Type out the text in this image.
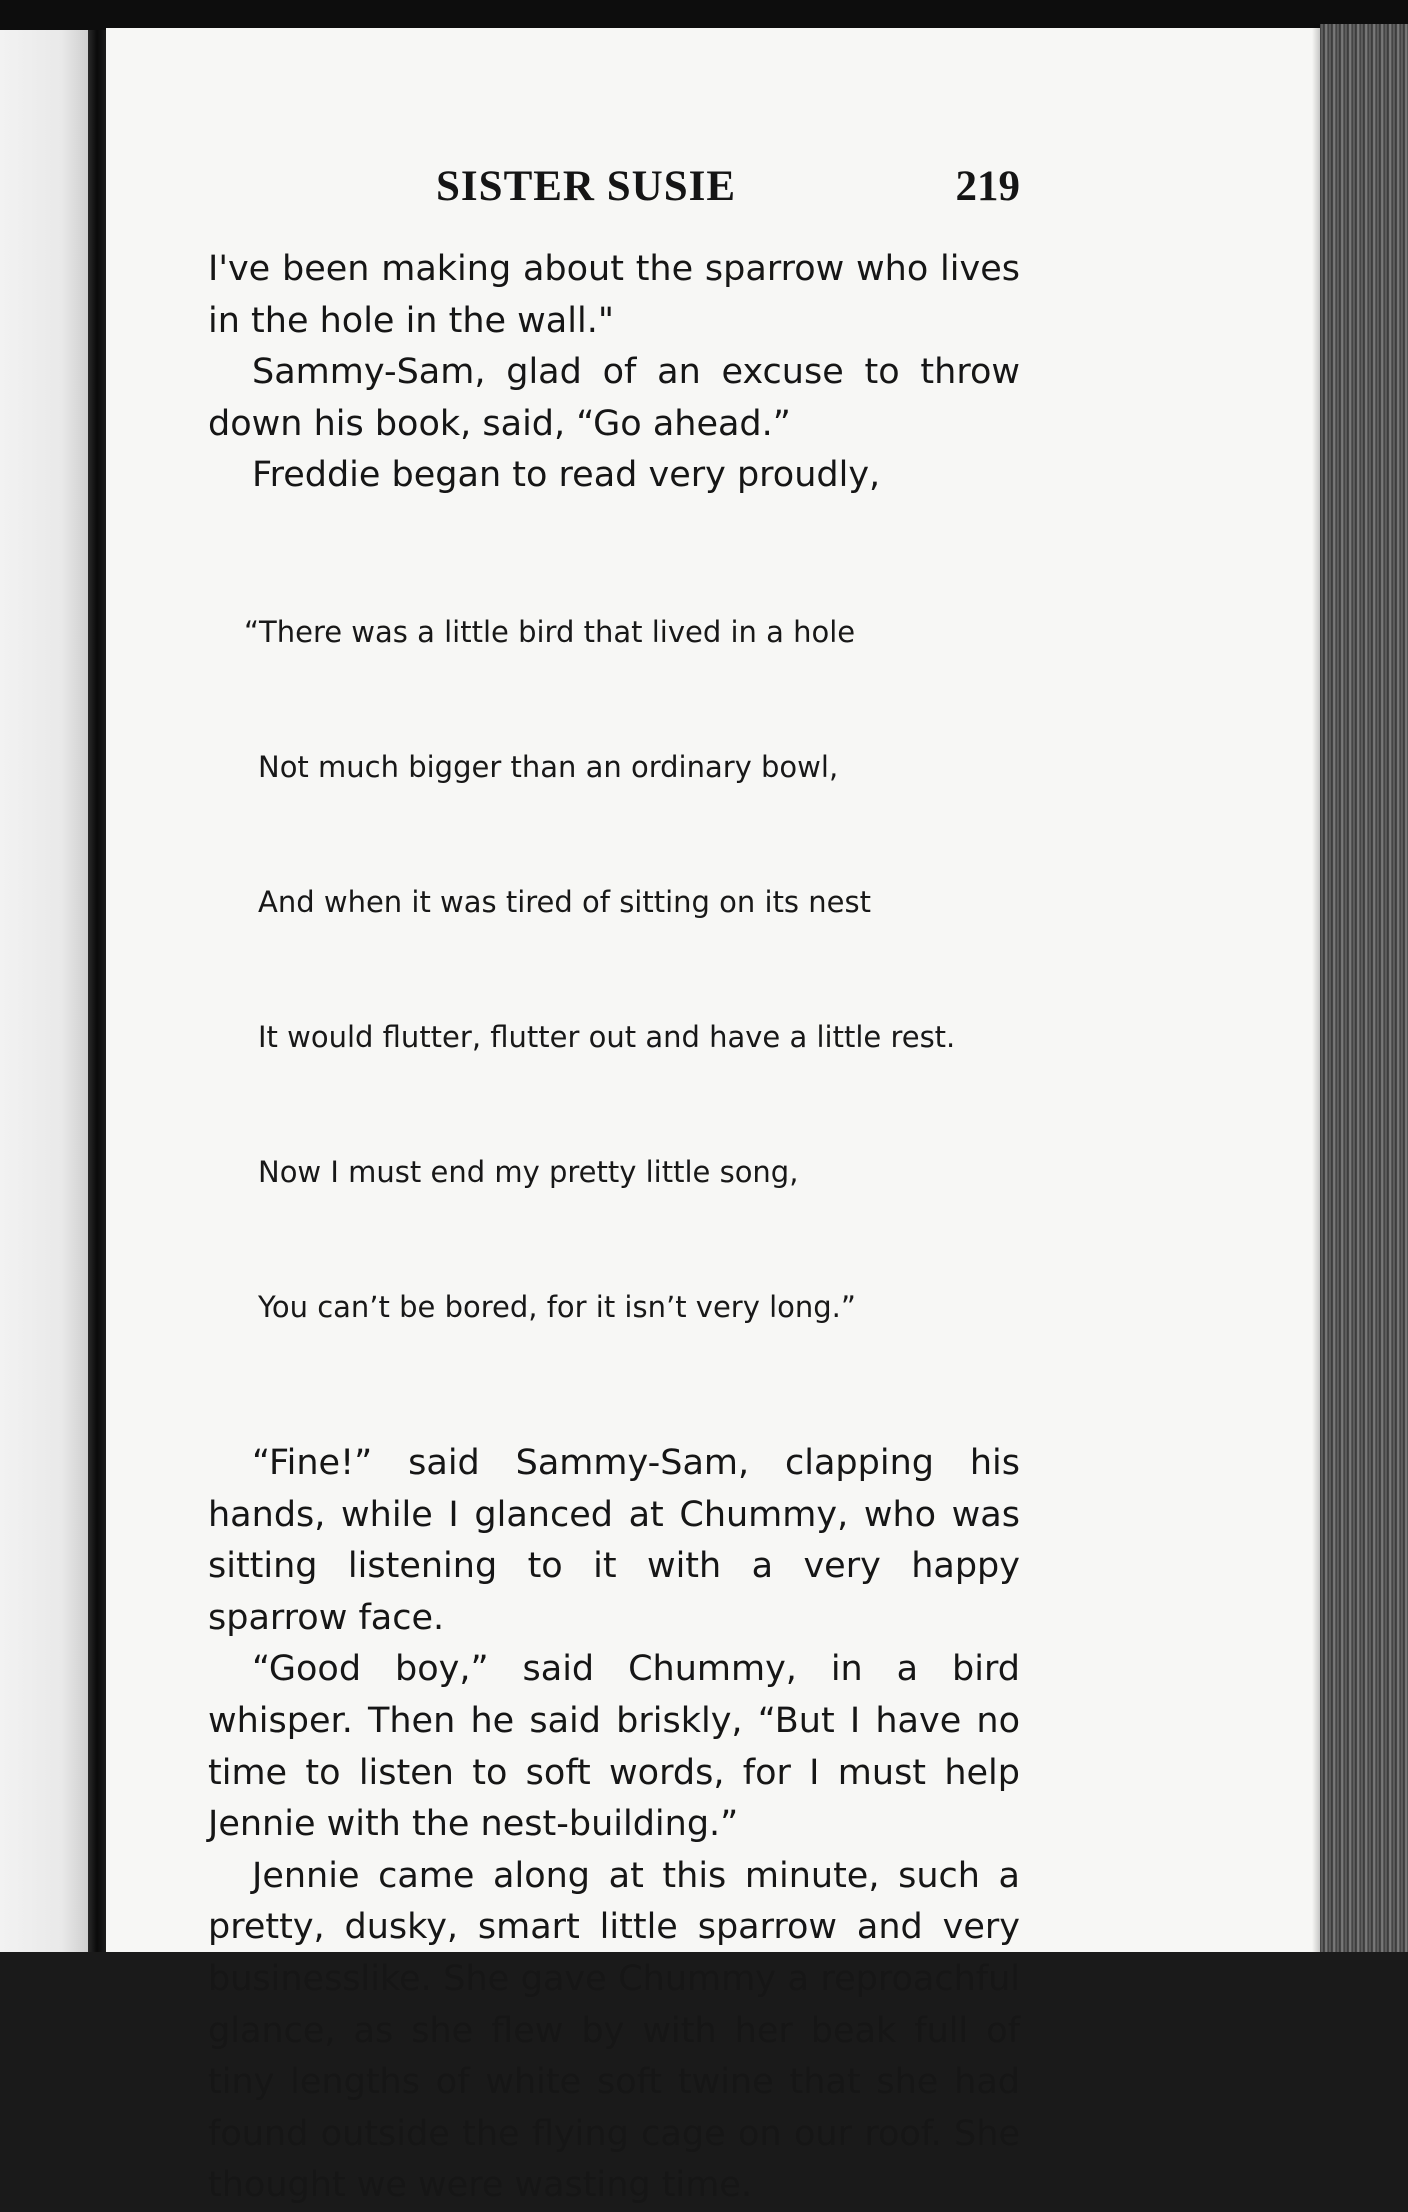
SISTER SUSIE	219

I've been making about the sparrow who lives in the hole in the wall."

Sammy-Sam, glad of an excuse to throw down his book, said, “Go ahead.”

Freddie began to read very proudly,

“There was a little bird that lived in a hole

Not much bigger than an ordinary bowl,

And when it was tired of sitting on its nest

It would flutter, flutter out and have a little rest.

Now I must end my pretty little song,

You can’t be bored, for it isn’t very long.”

“Fine!” said Sammy-Sam, clapping his hands, while I glanced at Chummy, who was sitting listening to it with a very happy sparrow face.

“Good boy,” said Chummy, in a bird whisper. Then he said briskly, “But I have no time to listen to soft words, for I must help Jennie with the nest-building.”

Jennie came along at this minute, such a pretty, dusky, smart little sparrow and very businesslike. She gave Chummy a reproachful glance, as she flew by with her beak full of tiny lengths of white soft twine that she had found outside the flying cage on our roof. She thought we were wasting time.
